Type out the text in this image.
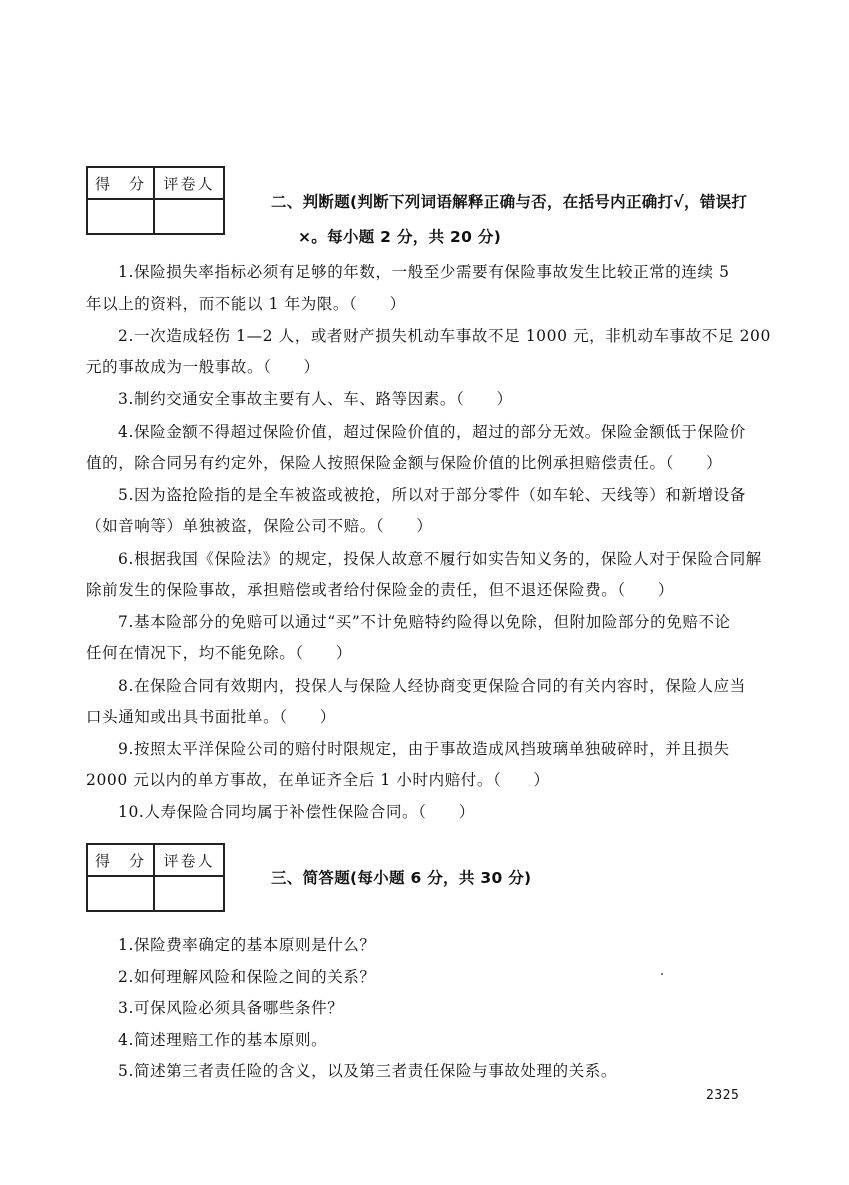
得　分	评卷人

二、判断题(判断下列词语解释正确与否，在括号内正确打√，错误打
×。每小题 2 分，共 20 分)
1.保险损失率指标必须有足够的年数，一般至少需要有保险事故发生比较正常的连续 5
年以上的资料，而不能以 1 年为限。（　　）
2.一次造成轻伤 1—2 人，或者财产损失机动车事故不足 1000 元，非机动车事故不足 200
元的事故成为一般事故。（　　）
3.制约交通安全事故主要有人、车、路等因素。（　　）
4.保险金额不得超过保险价值，超过保险价值的，超过的部分无效。保险金额低于保险价
值的，除合同另有约定外，保险人按照保险金额与保险价值的比例承担赔偿责任。（　　）
5.因为盗抢险指的是全车被盗或被抢，所以对于部分零件（如车轮、天线等）和新增设备
（如音响等）单独被盗，保险公司不赔。（　　）
6.根据我国《保险法》的规定，投保人故意不履行如实告知义务的，保险人对于保险合同解
除前发生的保险事故，承担赔偿或者给付保险金的责任，但不退还保险费。（　　）
7.基本险部分的免赔可以通过“买”不计免赔特约险得以免除，但附加险部分的免赔不论
任何在情况下，均不能免除。（　　）
8.在保险合同有效期内，投保人与保险人经协商变更保险合同的有关内容时，保险人应当
口头通知或出具书面批单。（　　）
9.按照太平洋保险公司的赔付时限规定，由于事故造成风挡玻璃单独破碎时，并且损失
2000 元以内的单方事故，在单证齐全后 1 小时内赔付。（　　）
10.人寿保险合同均属于补偿性保险合同。（　　）
得　分	评卷人

三、简答题(每小题 6 分，共 30 分)
1.保险费率确定的基本原则是什么？
2.如何理解风险和保险之间的关系？
3.可保风险必须具备哪些条件？
4.简述理赔工作的基本原则。
5.简述第三者责任险的含义，以及第三者责任保险与事故处理的关系。
2325
